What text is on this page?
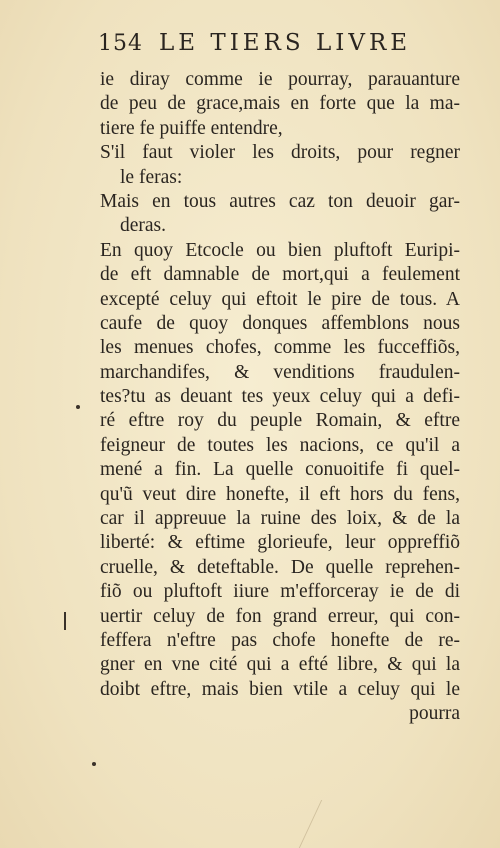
154 LE TIERS LIVRE
ie diray comme ie pourray, parauanture
de peu de grace,mais en forte que la ma-
tiere fe puiffe entendre,
S'il faut violer les droits, pour regner
le feras:
Mais en tous autres caz ton deuoir gar-
deras.
En quoy Etcocle ou bien pluftoft Euripi-
de eft damnable de mort,qui a feulement
excepté celuy qui eftoit le pire de tous. A
caufe de quoy donques affemblons nous
les menues chofes, comme les fucceffiõs,
marchandifes, & venditions fraudulen-
tes?tu as deuant tes yeux celuy qui a defi-
ré eftre roy du peuple Romain, & eftre
feigneur de toutes les nacions, ce qu'il a
mené a fin. La quelle conuoitife fi quel-
qu'ũ veut dire honefte, il eft hors du fens,
car il appreuue la ruine des loix, & de la
liberté: & eftime glorieufe, leur oppreffiõ
cruelle, & deteftable. De quelle reprehen-
fiõ ou pluftoft iiure m'efforceray ie de di
uertir celuy de fon grand erreur, qui con-
feffera n'eftre pas chofe honefte de re-
gner en vne cité qui a efté libre, & qui la
doibt eftre, mais bien vtile a celuy qui le
pourra
